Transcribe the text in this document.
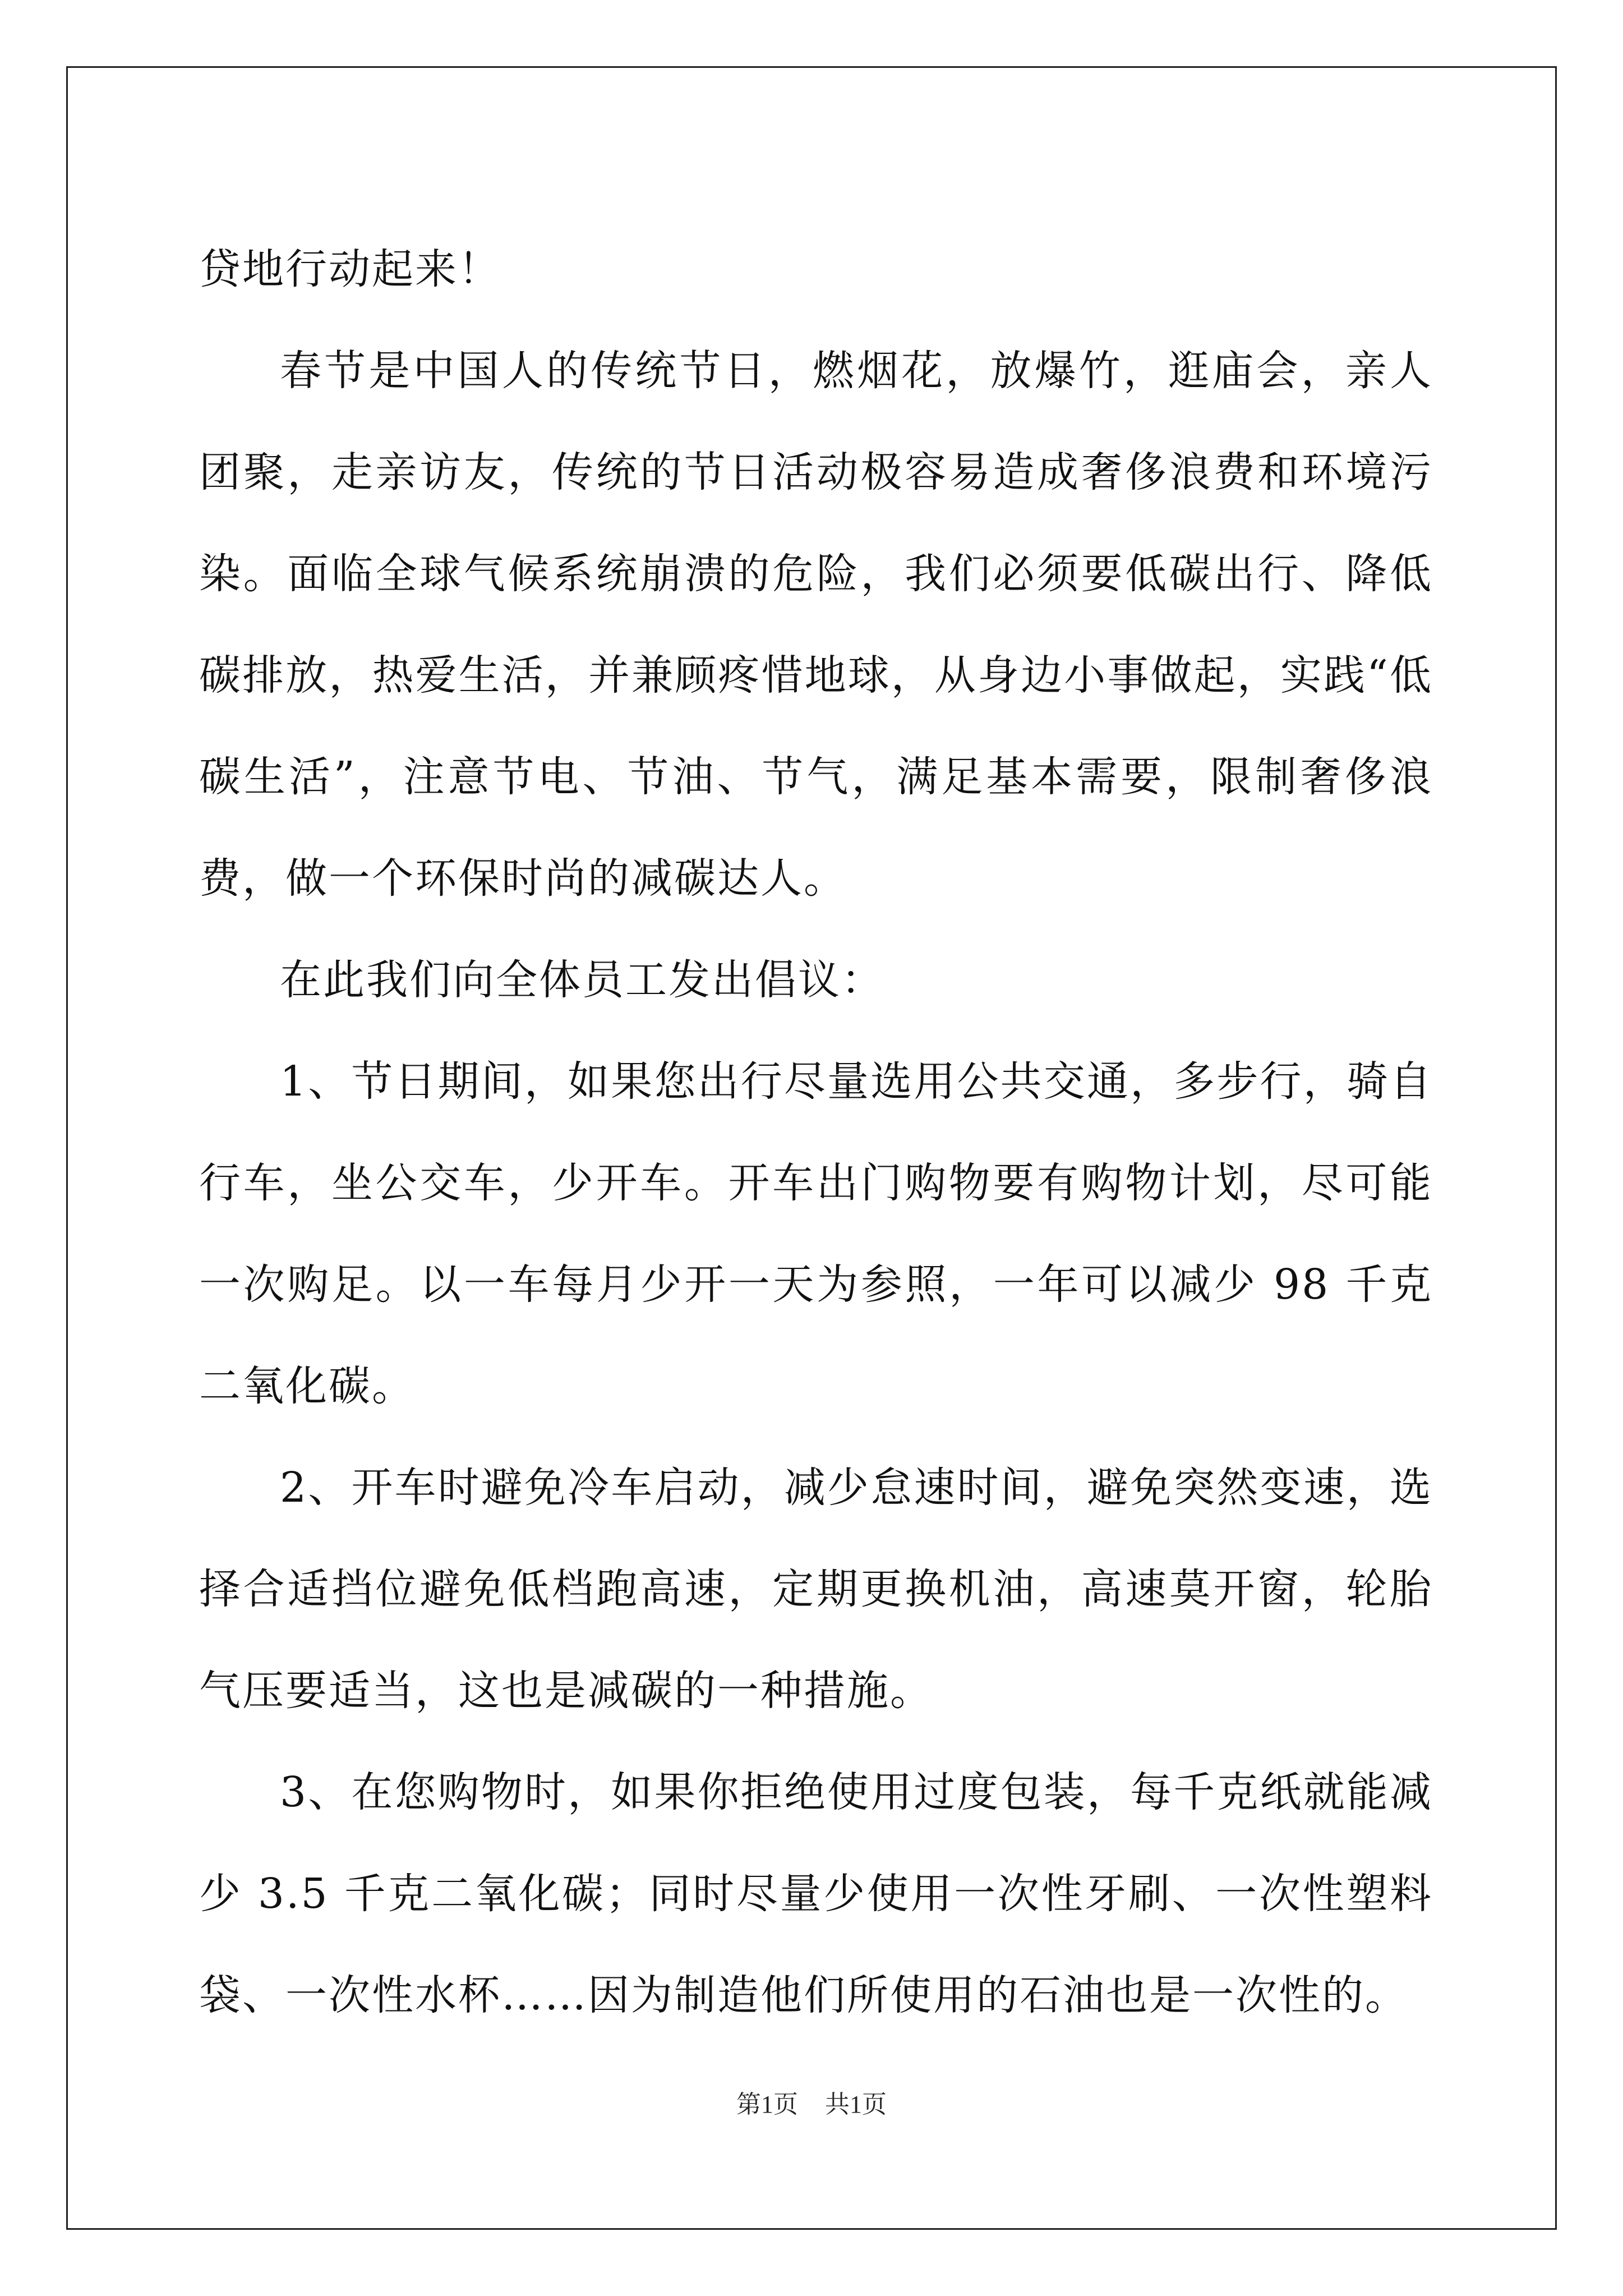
贷地行动起来！

春节是中国人的传统节日，燃烟花，放爆竹，逛庙会，亲人团聚，走亲访友，传统的节日活动极容易造成奢侈浪费和环境污染。面临全球气候系统崩溃的危险，我们必须要低碳出行、降低碳排放，热爱生活，并兼顾疼惜地球，从身边小事做起，实践“低碳生活”，注意节电、节油、节气，满足基本需要，限制奢侈浪费，做一个环保时尚的减碳达人。

在此我们向全体员工发出倡议：

1、节日期间，如果您出行尽量选用公共交通，多步行，骑自行车，坐公交车，少开车。开车出门购物要有购物计划，尽可能一次购足。以一车每月少开一天为参照，一年可以减少 98 千克二氧化碳。

2、开车时避免冷车启动，减少怠速时间，避免突然变速，选择合适挡位避免低档跑高速，定期更换机油，高速莫开窗，轮胎气压要适当，这也是减碳的一种措施。

3、在您购物时，如果你拒绝使用过度包装，每千克纸就能减少 3.5 千克二氧化碳；同时尽量少使用一次性牙刷、一次性塑料袋、一次性水杯……因为制造他们所使用的石油也是一次性的。

第1页 共1页
